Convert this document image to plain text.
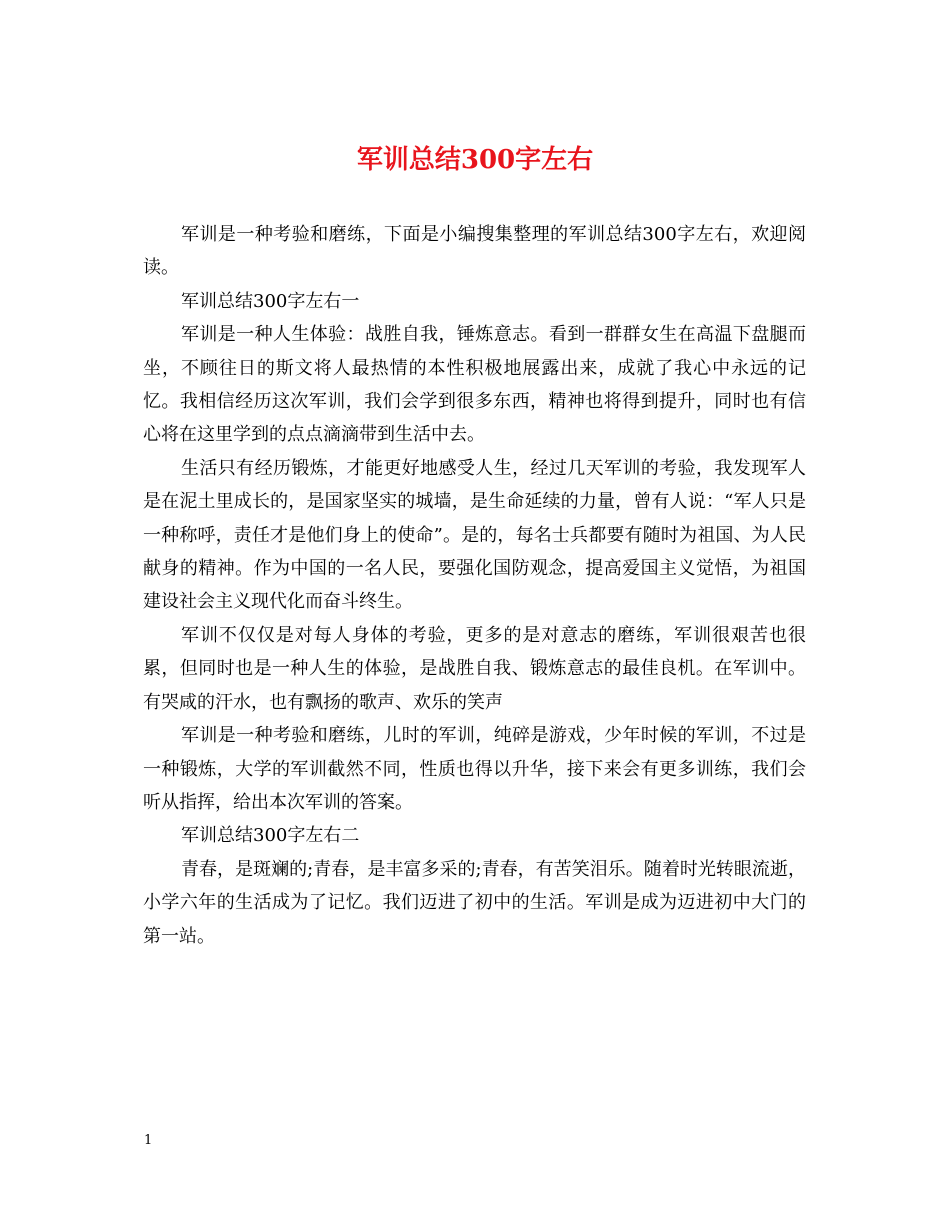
军训总结300字左右

军训是一种考验和磨练，下面是小编搜集整理的军训总结300字左右，欢迎阅读。

军训总结300字左右一

军训是一种人生体验：战胜自我，锤炼意志。看到一群群女生在高温下盘腿而坐，不顾往日的斯文将人最热情的本性积极地展露出来，成就了我心中永远的记忆。我相信经历这次军训，我们会学到很多东西，精神也将得到提升，同时也有信心将在这里学到的点点滴滴带到生活中去。

生活只有经历锻炼，才能更好地感受人生，经过几天军训的考验，我发现军人是在泥土里成长的，是国家坚实的城墙，是生命延续的力量，曾有人说：“军人只是一种称呼，责任才是他们身上的使命”。是的，每名士兵都要有随时为祖国、为人民献身的精神。作为中国的一名人民，要强化国防观念，提高爱国主义觉悟，为祖国建设社会主义现代化而奋斗终生。

军训不仅仅是对每人身体的考验，更多的是对意志的磨练，军训很艰苦也很累，但同时也是一种人生的体验，是战胜自我、锻炼意志的最佳良机。在军训中。有哭咸的汗水，也有飘扬的歌声、欢乐的笑声

军训是一种考验和磨练，儿时的军训，纯碎是游戏，少年时候的军训，不过是一种锻炼，大学的军训截然不同，性质也得以升华，接下来会有更多训练，我们会听从指挥，给出本次军训的答案。

军训总结300字左右二

青春，是斑斓的;青春，是丰富多采的;青春，有苦笑泪乐。随着时光转眼流逝，小学六年的生活成为了记忆。我们迈进了初中的生活。军训是成为迈进初中大门的第一站。

1
